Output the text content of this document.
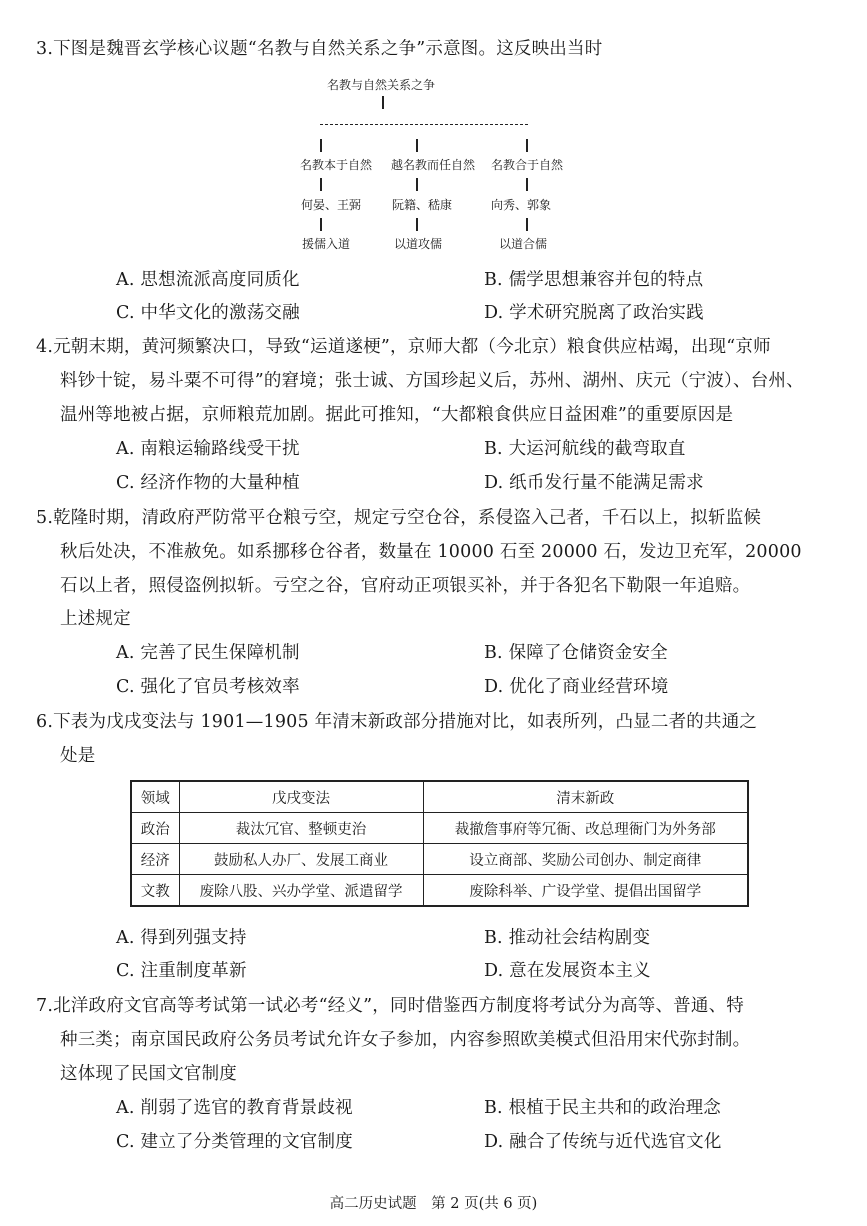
3.下图是魏晋玄学核心议题“名教与自然关系之争”示意图。这反映出当时
名教与自然关系之争
名教本于自然 越名教而任自然 名教合于自然
何晏、王弼	阮籍、嵇康	向秀、郭象
援儒入道	以道攻儒	以道合儒
A. 思想流派高度同质化	B. 儒学思想兼容并包的特点
C. 中华文化的激荡交融	D. 学术研究脱离了政治实践
4.元朝末期，黄河频繁决口，导致“运道遂梗”，京师大都（今北京）粮食供应枯竭，出现“京师
料钞十锭，易斗粟不可得”的窘境；张士诚、方国珍起义后，苏州、湖州、庆元（宁波）、台州、
温州等地被占据，京师粮荒加剧。据此可推知，“大都粮食供应日益困难”的重要原因是
A. 南粮运输路线受干扰	B. 大运河航线的截弯取直
C. 经济作物的大量种植	D. 纸币发行量不能满足需求
5.乾隆时期，清政府严防常平仓粮亏空，规定亏空仓谷，系侵盗入己者，千石以上，拟斩监候
秋后处决，不准赦免。如系挪移仓谷者，数量在 10000 石至 20000 石，发边卫充军，20000
石以上者，照侵盗例拟斩。亏空之谷，官府动正项银买补，并于各犯名下勒限一年追赔。
上述规定
A. 完善了民生保障机制	B. 保障了仓储资金安全
C. 强化了官员考核效率	D. 优化了商业经营环境
6.下表为戊戌变法与 1901—1905 年清末新政部分措施对比，如表所列，凸显二者的共通之
处是
领域	戊戌变法	清末新政
政治	裁汰冗官、整顿吏治	裁撤詹事府等冗衙、改总理衙门为外务部
经济	鼓励私人办厂、发展工商业	设立商部、奖励公司创办、制定商律
文教	废除八股、兴办学堂、派遣留学	废除科举、广设学堂、提倡出国留学
A. 得到列强支持	B. 推动社会结构剧变
C. 注重制度革新	D. 意在发展资本主义
7.北洋政府文官高等考试第一试必考“经义”，同时借鉴西方制度将考试分为高等、普通、特
种三类；南京国民政府公务员考试允许女子参加，内容参照欧美模式但沿用宋代弥封制。
这体现了民国文官制度
A. 削弱了选官的教育背景歧视	B. 根植于民主共和的政治理念
C. 建立了分类管理的文官制度	D. 融合了传统与近代选官文化
高二历史试题　第 2 页(共 6 页)
